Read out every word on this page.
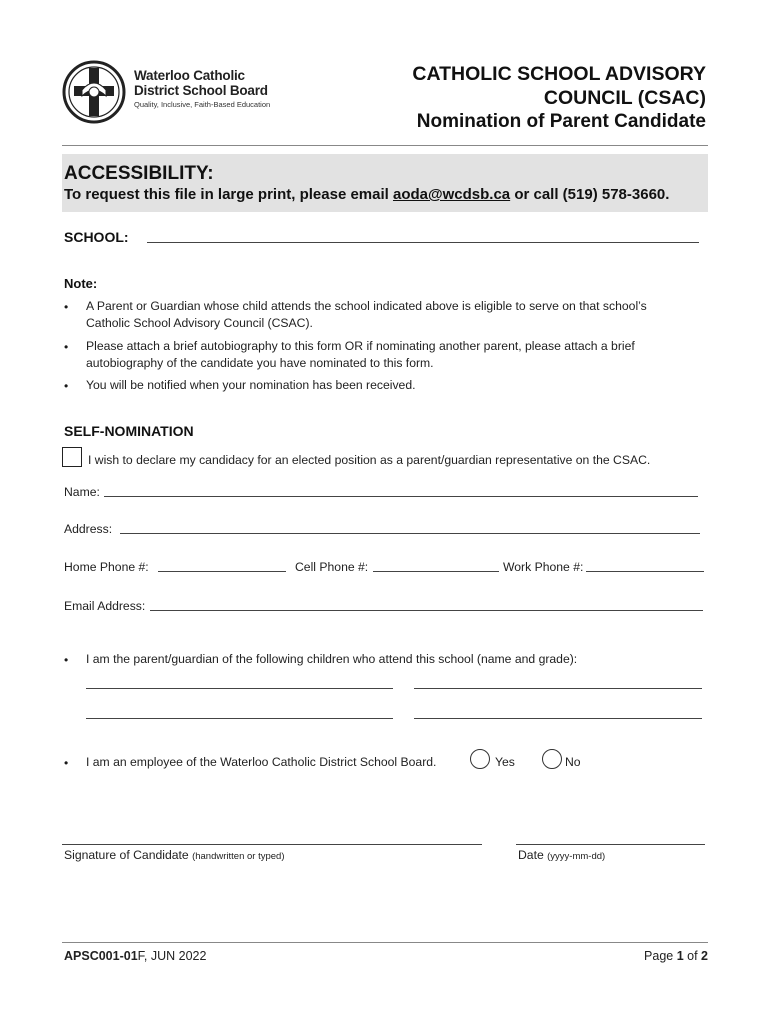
Waterloo Catholic
District School Board
Quality, Inclusive, Faith-Based Education
CATHOLIC SCHOOL ADVISORY
COUNCIL (CSAC)
Nomination of Parent Candidate
ACCESSIBILITY:
To request this file in large print, please email aoda@wcdsb.ca or call (519) 578-3660.
SCHOOL:
Note:
• A Parent or Guardian whose child attends the school indicated above is eligible to serve on that school’s
Catholic School Advisory Council (CSAC).
• Please attach a brief autobiography to this form OR if nominating another parent, please attach a brief
autobiography of the candidate you have nominated to this form.
• You will be notified when your nomination has been received.
SELF-NOMINATION
I wish to declare my candidacy for an elected position as a parent/guardian representative on the CSAC.
Name:
Address:
Home Phone #:	Cell Phone #:	Work Phone #:
Email Address:
• I am the parent/guardian of the following children who attend this school (name and grade):
• I am an employee of the Waterloo Catholic District School Board.	Yes	No
Signature of Candidate (handwritten or typed)	Date (yyyy-mm-dd)
APSC001-01F, JUN 2022	Page 1 of 2
